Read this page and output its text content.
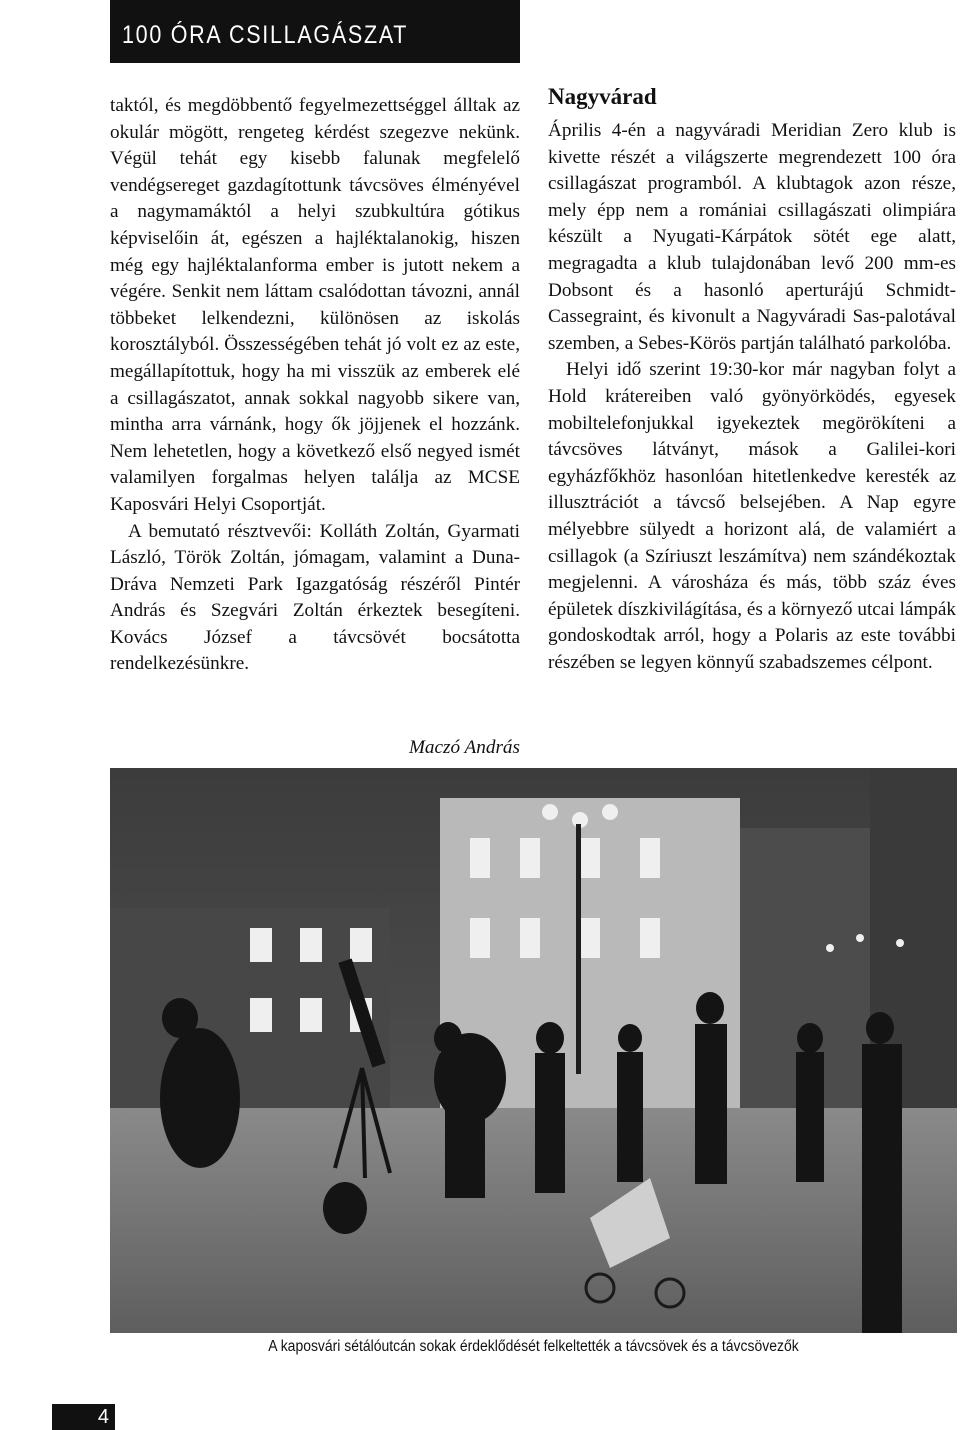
100 ÓRA CSILLAGÁSZAT

taktól, és megdöbbentő fegyelmezettséggel álltak az okulár mögött, rengeteg kérdést szegezve nekünk. Végül tehát egy kisebb falunak megfelelő vendégsereget gazdagítottunk távcsöves élményével a nagymamáktól a helyi szubkultúra gótikus képviselőin át, egészen a hajléktalanokig, hiszen még egy hajléktalanforma ember is jutott nekem a végére. Senkit nem láttam csalódottan távozni, annál többeket lelkendezni, különösen az iskolás korosztályból. Összességében tehát jó volt ez az este, megállapítottuk, hogy ha mi visszük az emberek elé a csillagászatot, annak sokkal nagyobb sikere van, mintha arra várnánk, hogy ők jöjjenek el hozzánk. Nem lehetetlen, hogy a következő első negyed ismét valamilyen forgalmas helyen találja az MCSE Kaposvári Helyi Csoportját.

A bemutató résztvevői: Kolláth Zoltán, Gyarmati László, Török Zoltán, jómagam, valamint a Duna-Dráva Nemzeti Park Igazgatóság részéről Pintér András és Szegvári Zoltán érkeztek besegíteni. Kovács József a távcsövét bocsátotta rendelkezésünkre.

Maczó András
Nagyvárad

Április 4-én a nagyváradi Meridian Zero klub is kivette részét a világszerte megrendezett 100 óra csillagászat programból. A klubtagok azon része, mely épp nem a romániai csillagászati olimpiára készült a Nyugati-Kárpátok sötét ege alatt, megragadta a klub tulajdonában levő 200 mm-es Dobsont és a hasonló aperturájú Schmidt-Cassegraint, és kivonult a Nagyváradi Sas-palotával szemben, a Sebes-Körös partján található parkolóba.

Helyi idő szerint 19:30-kor már nagyban folyt a Hold krátereiben való gyönyörködés, egyesek mobiltelefonjukkal igyekeztek megörökíteni a távcsöves látványt, mások a Galilei-kori egyházfőkhöz hasonlóan hitetlenkedve keresték az illusztrációt a távcső belsejében. A Nap egyre mélyebbre sülyedt a horizont alá, de valamiért a csillagok (a Szíriuszt leszámítva) nem szándékoztak megjelenni. A városháza és más, több száz éves épületek díszkivilágítása, és a környező utcai lámpák gondoskodtak arról, hogy a Polaris az este további részében se legyen könnyű szabadszemes célpont.

A kaposvári sétálóutcán sokak érdeklődését felkeltették a távcsövek és a távcsövezők
4
